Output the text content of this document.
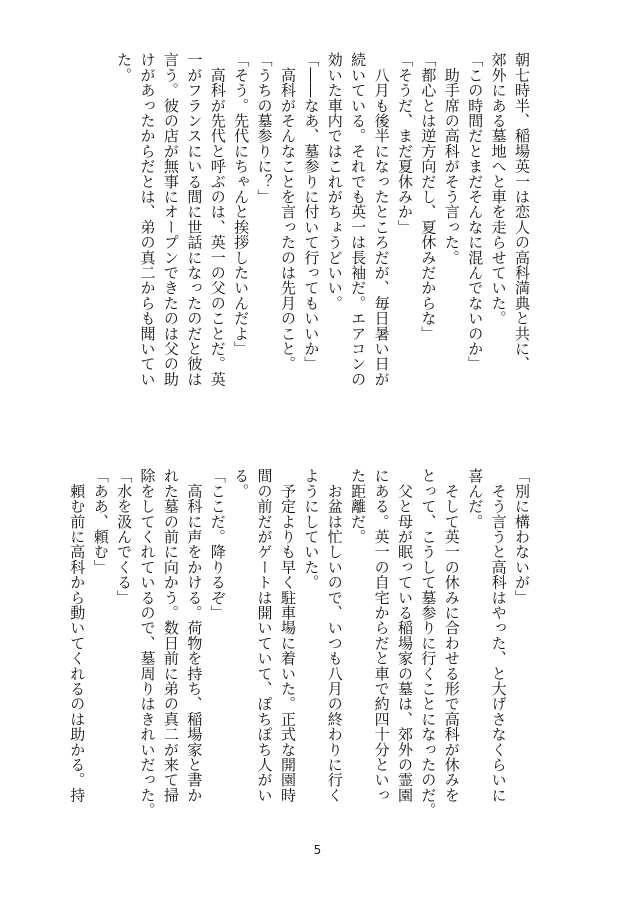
朝七時半、稲場英一は恋人の高科満典と共に、
郊外にある墓地へと車を走らせていた。
「この時間だとまだそんなに混んでないのか」
　助手席の高科がそう言った。
「都心とは逆方向だし、夏休みだからな」
「そうだ、まだ夏休みか」
　八月も後半になったところだが、毎日暑い日が
続いている。それでも英一は長袖だ。エアコンの
効いた車内ではこれがちょうどいい。
「――なあ、墓参りに付いて行ってもいいか」
　高科がそんなことを言ったのは先月のこと。
「うちの墓参りに？」
「そう。先代にちゃんと挨拶したいんだよ」
　高科が先代と呼ぶのは、英一の父のことだ。英
一がフランスにいる間に世話になったのだと彼は
言う。彼の店が無事にオープンできたのは父の助
けがあったからだとは、弟の真二からも聞いてい
た。
「別に構わないが」
　そう言うと高科はやった、と大げさなくらいに
喜んだ。
　そして英一の休みに合わせる形で高科が休みを
とって、こうして墓参りに行くことになったのだ。
　父と母が眠っている稲場家の墓は、郊外の霊園
にある。英一の自宅からだと車で約四十分といっ
た距離だ。
　お盆は忙しいので、いつも八月の終わりに行く
ようにしていた。
　予定よりも早く駐車場に着いた。正式な開園時
間の前だがゲートは開いていて、ぽちぽち人がい
る。
「ここだ。降りるぞ」
　高科に声をかける。荷物を持ち、稲場家と書か
れた墓の前に向かう。数日前に弟の真二が来て掃
除をしてくれているので、墓周りはきれいだった。
「水を汲んでくる」
「ああ、頼む」
　頼む前に高科から動いてくれるのは助かる。持
5
